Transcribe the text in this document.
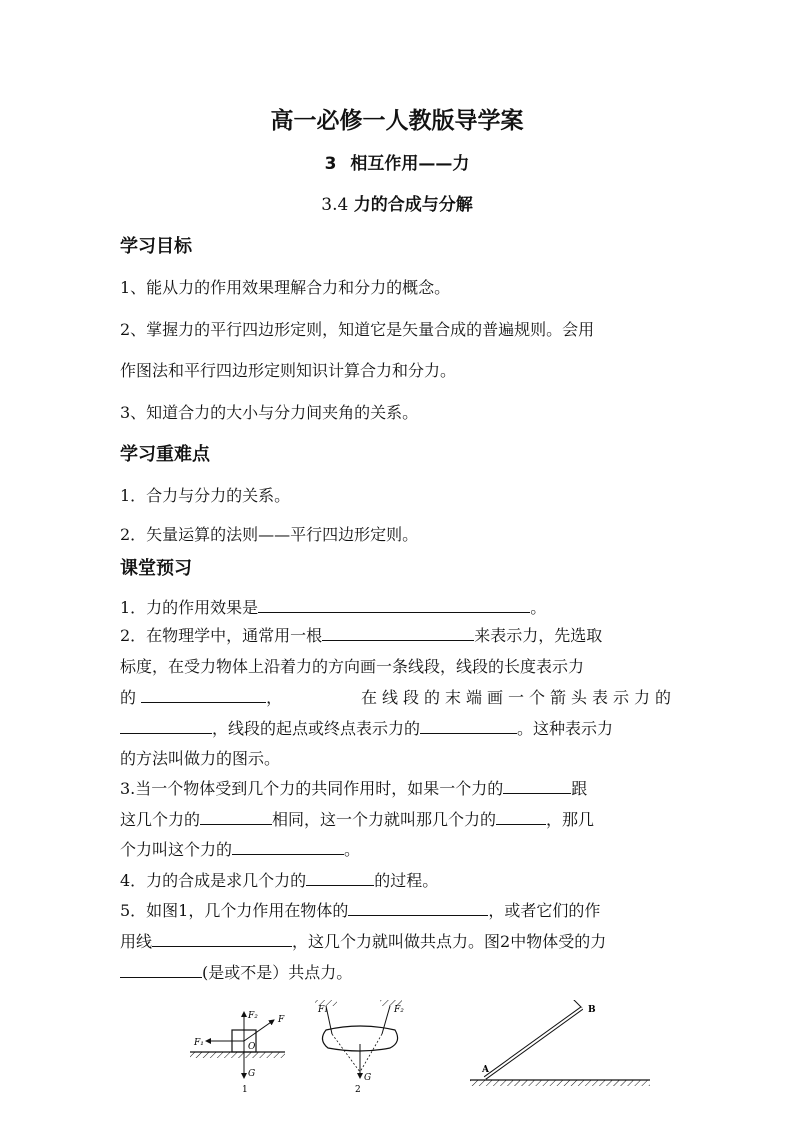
高一必修一人教版导学案
3 相互作用——力
3.4 力的合成与分解
学习目标
1、能从力的作用效果理解合力和分力的概念。
2、掌握力的平行四边形定则，知道它是矢量合成的普遍规则。会用
作图法和平行四边形定则知识计算合力和分力。
3、知道合力的大小与分力间夹角的关系。
学习重难点
1．合力与分力的关系。
2．矢量运算的法则——平行四边形定则。
课堂预习
1．力的作用效果是	。
2．在物理学中，通常用一根	来表示力，先选取
标度，在受力物体上沿着力的方向画一条线段，线段的长度表示力
的	，	在线段的末端画一个箭头表示力的
，线段的起点或终点表示力的	。这种表示力
的方法叫做力的图示。
3.当一个物体受到几个力的共同作用时，如果一个力的	跟
这几个力的	相同，这一个力就叫那几个力的	，那几
个力叫这个力的	。
4．力的合成是求几个力的	的过程。
5．如图1，几个力作用在物体的	，或者它们的作
用线	，这几个力就叫做共点力。图2中物体受的力
(是或不是）共点力。
F₂ F
F₁	O
G
1
F₁	F₂
G
2
A
B
